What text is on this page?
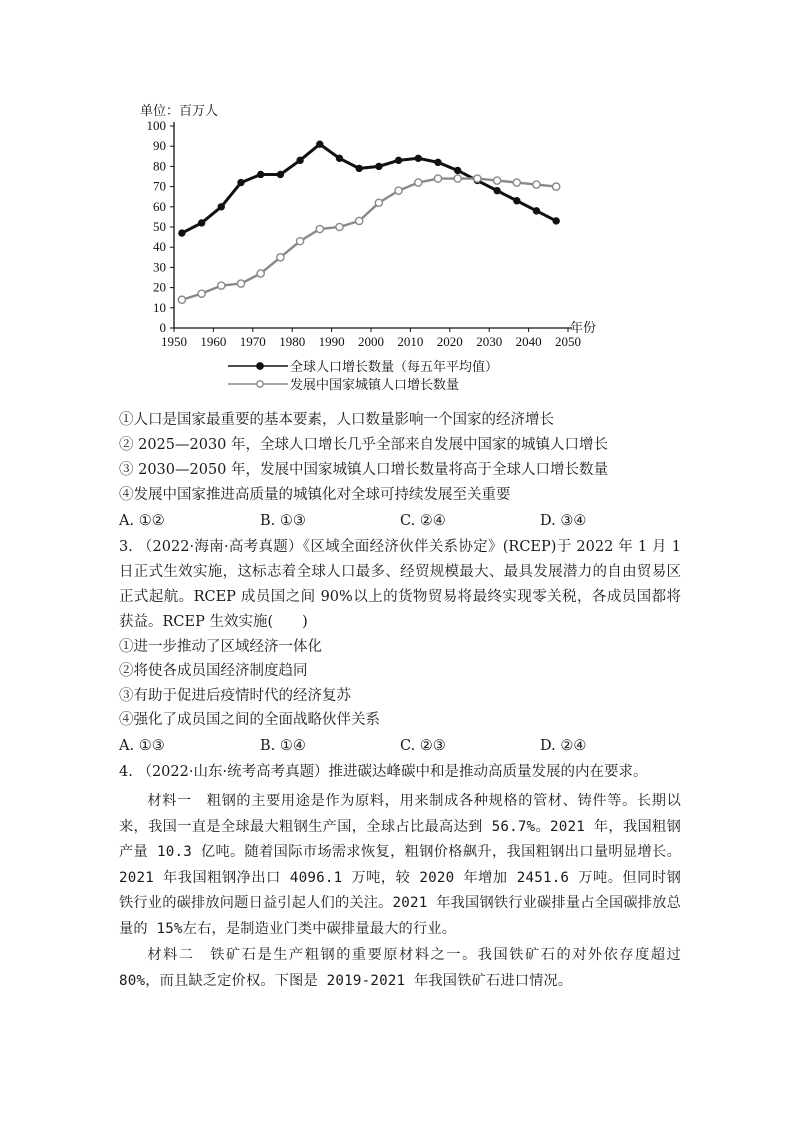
单位：百万人
0
10
20
30
40
50
60
70
80
90
100
1950 1960 1970 1980 1990 2000 2010 2020 2030 2040 2050
年份
全球人口增长数量（每五年平均值）
发展中国家城镇人口增长数量
①人口是国家最重要的基本要素，人口数量影响一个国家的经济增长
② 2025—2030 年，全球人口增长几乎全部来自发展中国家的城镇人口增长
③ 2030—2050 年，发展中国家城镇人口增长数量将高于全球人口增长数量
④发展中国家推进高质量的城镇化对全球可持续发展至关重要
A. ①②	B. ①③	C. ②④	D. ③④
3. （2022·海南·高考真题）《区域全面经济伙伴关系协定》(RCEP)于 2022 年 1 月 1 日正式生效实施，这标志着全球人口最多、经贸规模最大、最具发展潜力的自由贸易区正式起航。RCEP 成员国之间 90%以上的货物贸易将最终实现零关税，各成员国都将获益。RCEP 生效实施(　　)
①进一步推动了区域经济一体化
②将使各成员国经济制度趋同
③有助于促进后疫情时代的经济复苏
④强化了成员国之间的全面战略伙伴关系
A. ①③	B. ①④	C. ②③	D. ②④
4. （2022·山东·统考高考真题）推进碳达峰碳中和是推动高质量发展的内在要求。
材料一　粗钢的主要用途是作为原料，用来制成各种规格的管材、铸件等。长期以来，我国一直是全球最大粗钢生产国，全球占比最高达到 56.7%。2021 年，我国粗钢产量 10.3 亿吨。随着国际市场需求恢复，粗钢价格飙升，我国粗钢出口量明显增长。2021 年我国粗钢净出口 4096.1 万吨，较 2020 年增加 2451.6 万吨。但同时钢铁行业的碳排放问题日益引起人们的关注。2021 年我国钢铁行业碳排量占全国碳排放总量的 15%左右，是制造业门类中碳排量最大的行业。
材料二　铁矿石是生产粗钢的重要原材料之一。我国铁矿石的对外依存度超过 80%，而且缺乏定价权。下图是 2019-2021 年我国铁矿石进口情况。
